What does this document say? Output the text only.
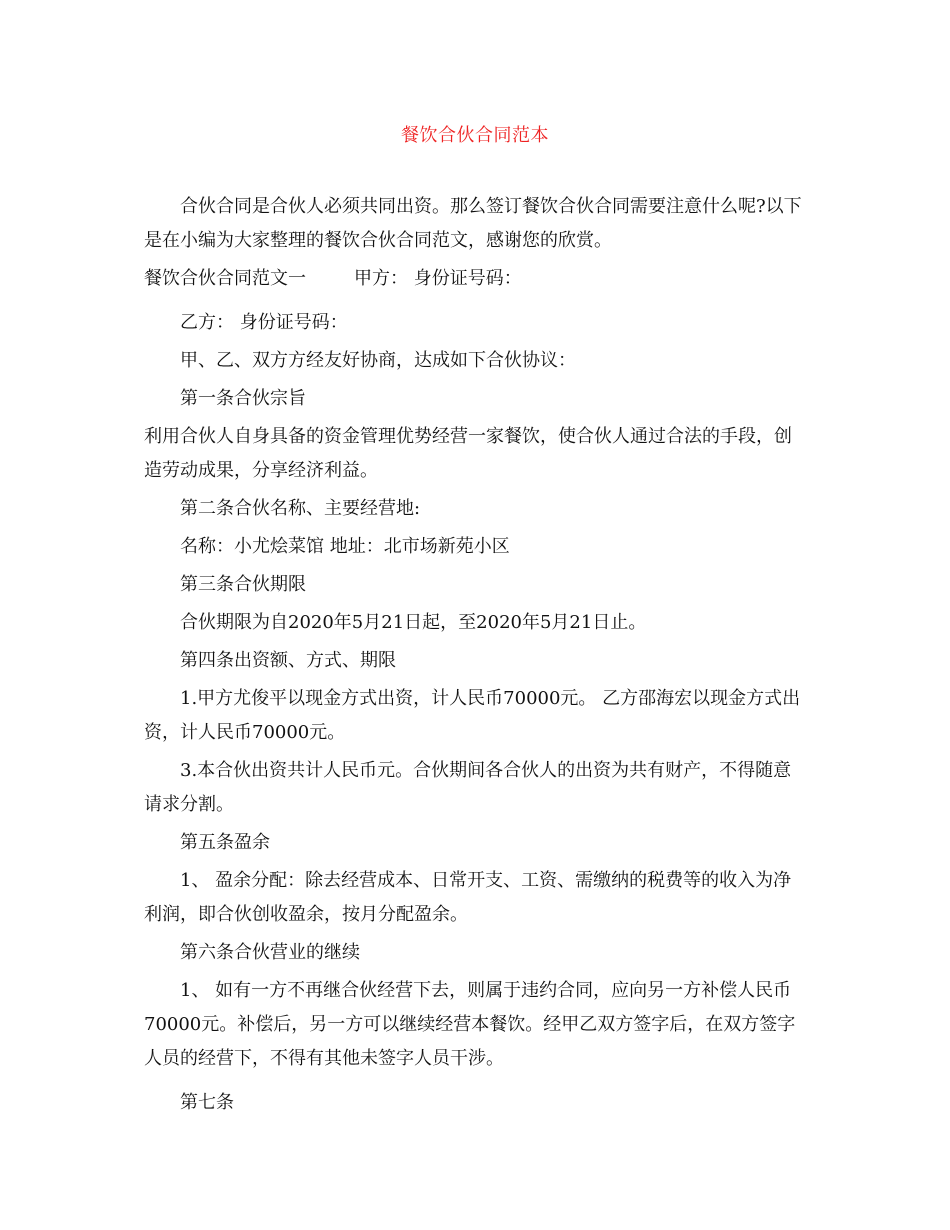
餐饮合伙合同范本

合伙合同是合伙人必须共同出资。那么签订餐饮合伙合同需要注意什么呢?以下是在小编为大家整理的餐饮合伙合同范文，感谢您的欣赏。

餐饮合伙合同范文一	甲方： 身份证号码：

乙方： 身份证号码：

甲、乙、双方方经友好协商，达成如下合伙协议：

第一条合伙宗旨

利用合伙人自身具备的资金管理优势经营一家餐饮，使合伙人通过合法的手段，创造劳动成果，分享经济利益。

第二条合伙名称、主要经营地:

名称：小尤烩菜馆 地址：北市场新苑小区

第三条合伙期限

合伙期限为自2020年5月21日起，至2020年5月21日止。

第四条出资额、方式、期限

1.甲方尤俊平以现金方式出资，计人民币70000元。 乙方邵海宏以现金方式出资，计人民币70000元。

3.本合伙出资共计人民币元。合伙期间各合伙人的出资为共有财产，不得随意请求分割。

第五条盈余

1、 盈余分配：除去经营成本、日常开支、工资、需缴纳的税费等的收入为净利润，即合伙创收盈余，按月分配盈余。

第六条合伙营业的继续

1、 如有一方不再继合伙经营下去，则属于违约合同，应向另一方补偿人民币70000元。补偿后，另一方可以继续经营本餐饮。经甲乙双方签字后，在双方签字人员的经营下，不得有其他未签字人员干涉。

第七条
